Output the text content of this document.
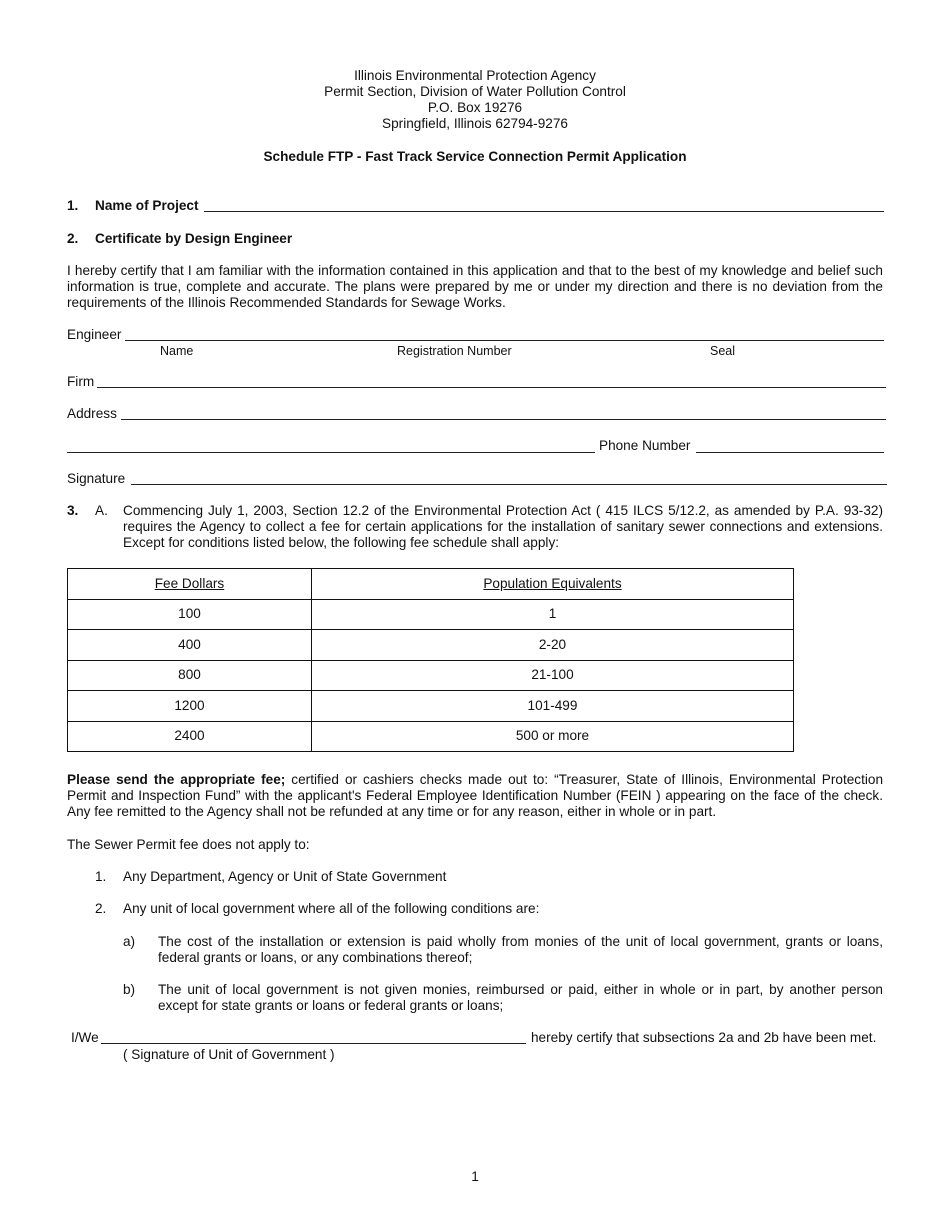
Illinois Environmental Protection Agency
Permit Section, Division of Water Pollution Control
P.O. Box 19276
Springfield, Illinois 62794-9276
Schedule FTP - Fast Track Service Connection Permit Application
1. Name of Project
2. Certificate by Design Engineer
I hereby certify that I am familiar with the information contained in this application and that to the best of my knowledge and belief such information is true, complete and accurate. The plans were prepared by me or under my direction and there is no deviation from the requirements of the Illinois Recommended Standards for Sewage Works.
Engineer
Name	Registration Number	Seal
Firm
Address
Phone Number
Signature
3. A. Commencing July 1, 2003, Section 12.2 of the Environmental Protection Act ( 415 ILCS 5/12.2, as amended by P.A. 93-32) requires the Agency to collect a fee for certain applications for the installation of sanitary sewer connections and extensions. Except for conditions listed below, the following fee schedule shall apply:
Fee Dollars	Population Equivalents
100	1
400	2-20
800	21-100
1200	101-499
2400	500 or more
Please send the appropriate fee; certified or cashiers checks made out to: “Treasurer, State of Illinois, Environmental Protection Permit and Inspection Fund” with the applicant's Federal Employee Identification Number (FEIN ) appearing on the face of the check. Any fee remitted to the Agency shall not be refunded at any time or for any reason, either in whole or in part.
The Sewer Permit fee does not apply to:
1. Any Department, Agency or Unit of State Government
2. Any unit of local government where all of the following conditions are:
a) The cost of the installation or extension is paid wholly from monies of the unit of local government, grants or loans, federal grants or loans, or any combinations thereof;
b) The unit of local government is not given monies, reimbursed or paid, either in whole or in part, by another person except for state grants or loans or federal grants or loans;
I/We	hereby certify that subsections 2a and 2b have been met.
( Signature of Unit of Government )
1
